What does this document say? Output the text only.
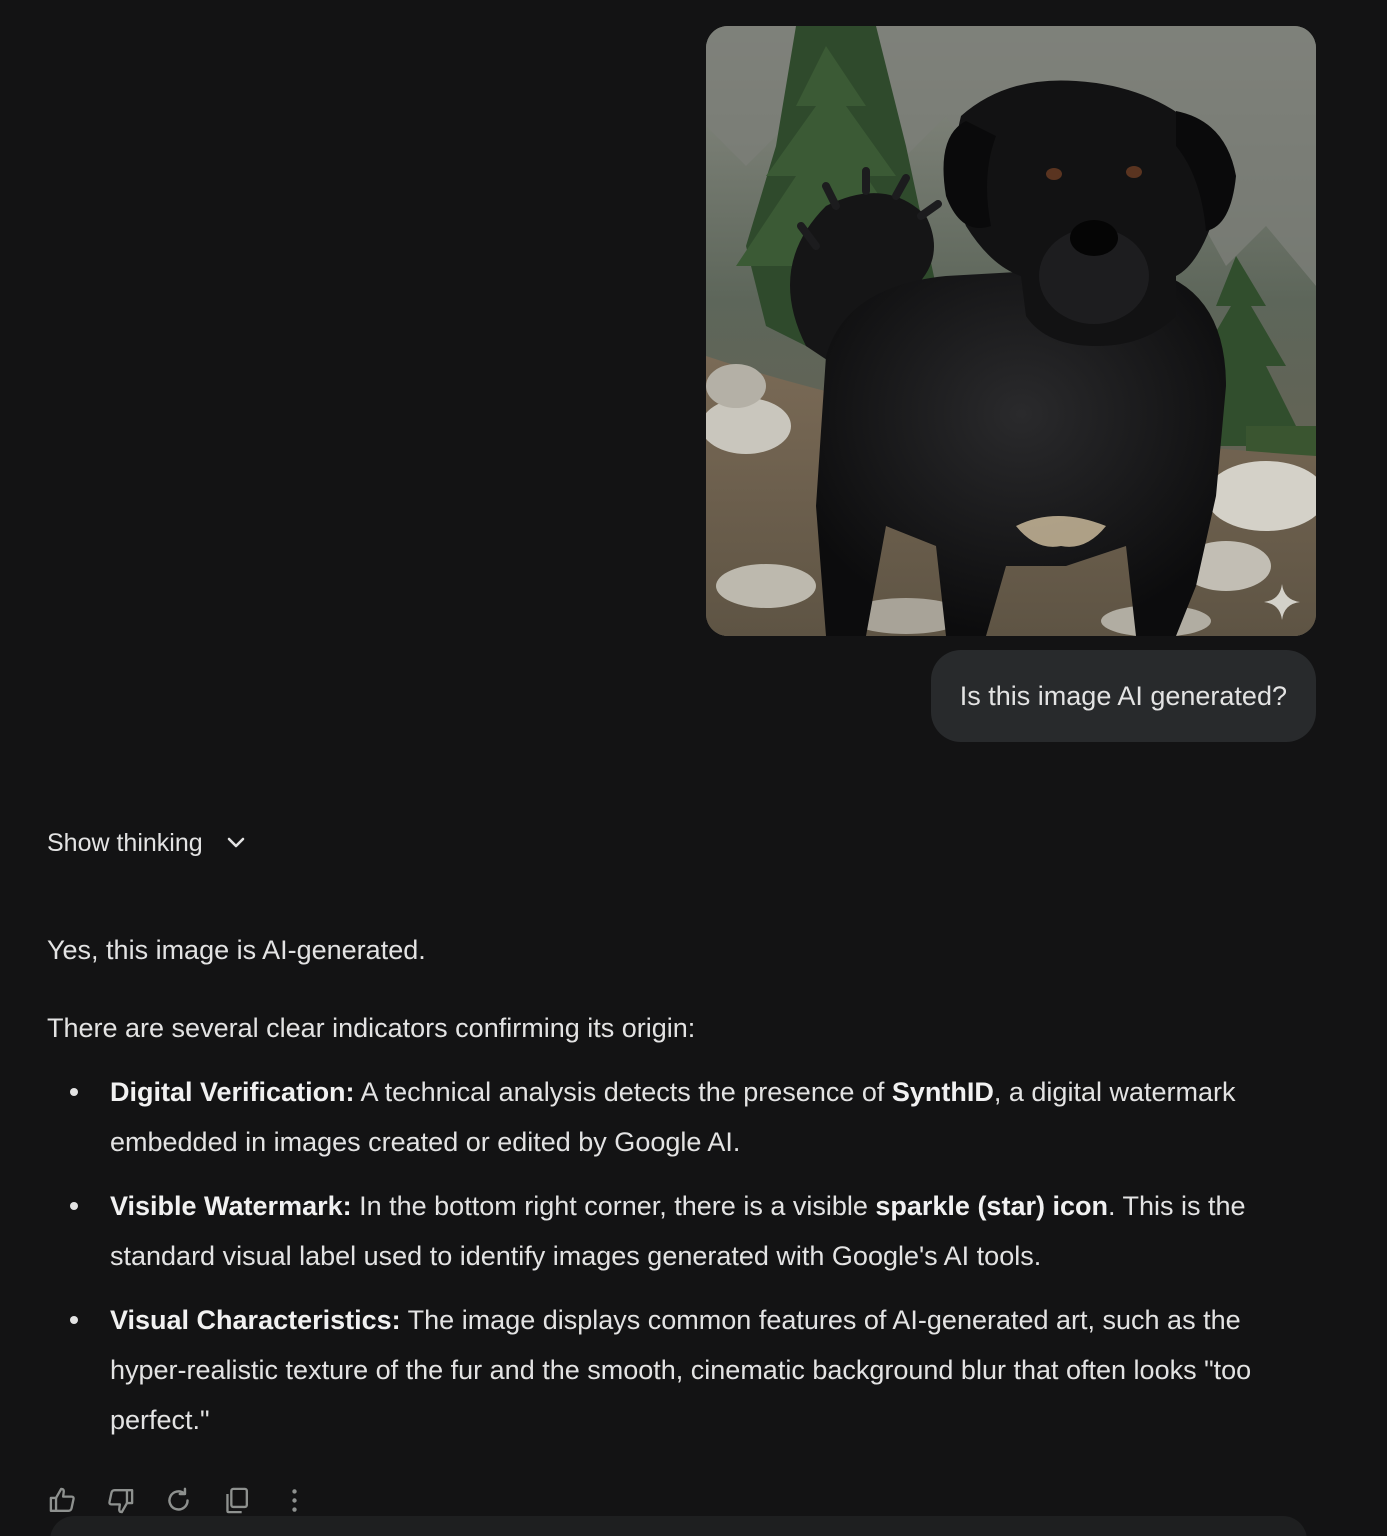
Is this image AI generated?
Show thinking

Yes, this image is AI-generated.

There are several clear indicators confirming its origin:

Digital Verification: A technical analysis detects the presence of SynthID, a digital watermark embedded in images created or edited by Google AI.
Visible Watermark: In the bottom right corner, there is a visible sparkle (star) icon. This is the standard visual label used to identify images generated with Google's AI tools.
Visual Characteristics: The image displays common features of AI-generated art, such as the hyper-realistic texture of the fur and the smooth, cinematic background blur that often looks "too perfect."
